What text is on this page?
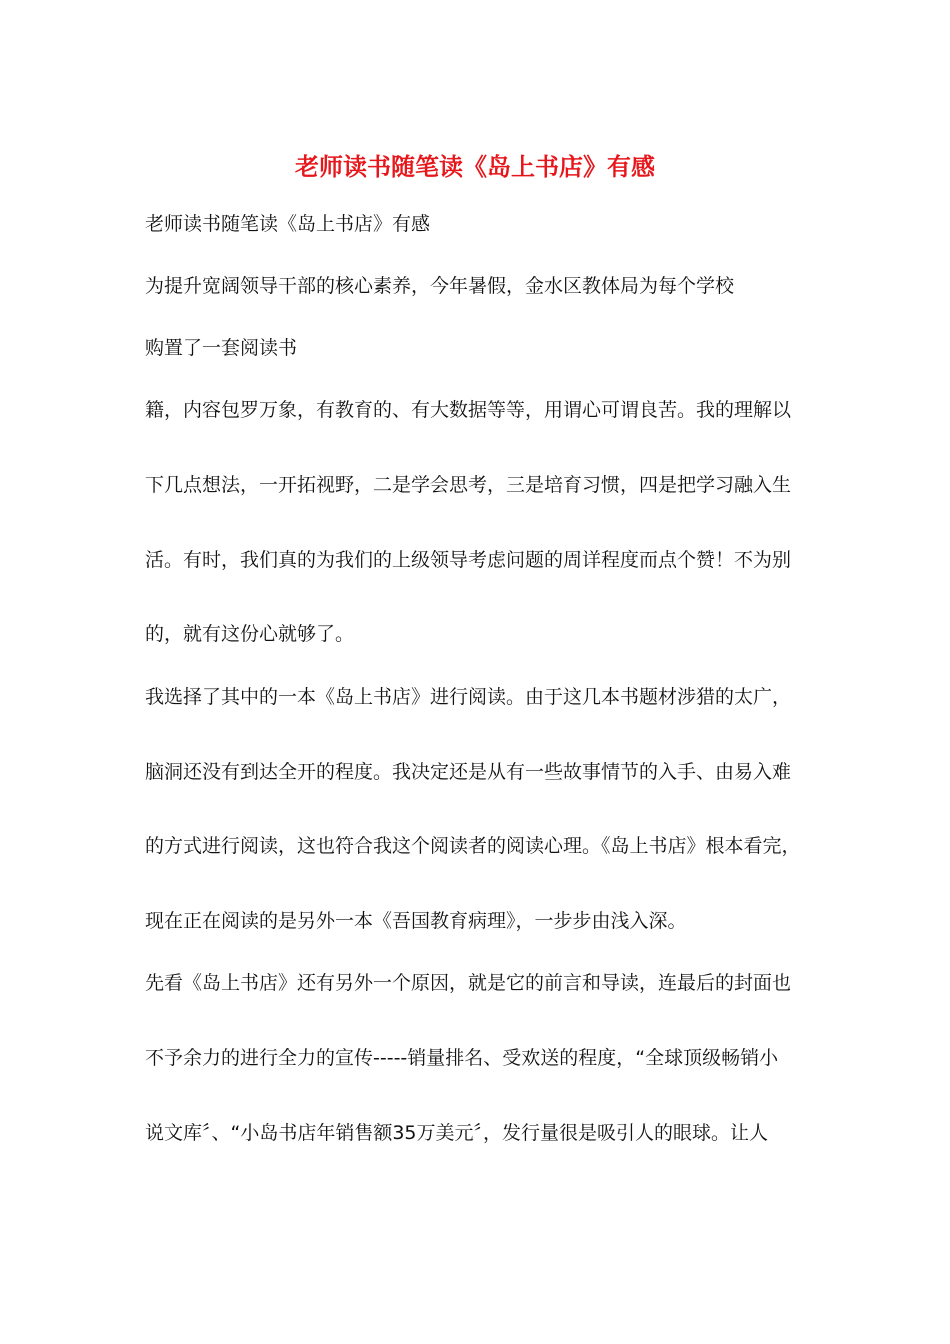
老师读书随笔读《岛上书店》有感

老师读书随笔读《岛上书店》有感

为提升宽阔领导干部的核心素养，今年暑假，金水区教体局为每个学校

购置了一套阅读书

籍，内容包罗万象，有教育的、有大数据等等，用谓心可谓良苦。我的理解以

下几点想法，一开拓视野，二是学会思考，三是培育习惯，四是把学习融入生

活。有时，我们真的为我们的上级领导考虑问题的周详程度而点个赞！不为别

的，就有这份心就够了。

我选择了其中的一本《岛上书店》进行阅读。由于这几本书题材涉猎的太广，

脑洞还没有到达全开的程度。我决定还是从有一些故事情节的入手、由易入难

的方式进行阅读，这也符合我这个阅读者的阅读心理。《岛上书店》根本看完，

现在正在阅读的是另外一本《吾国教育病理》，一步步由浅入深。

先看《岛上书店》还有另外一个原因，就是它的前言和导读，连最后的封面也

不予余力的进行全力的宣传-----销量排名、受欢送的程度，“全球顶级畅销小

说文库〞、“小岛书店年销售额35万美元〞，发行量很是吸引人的眼球。让人
